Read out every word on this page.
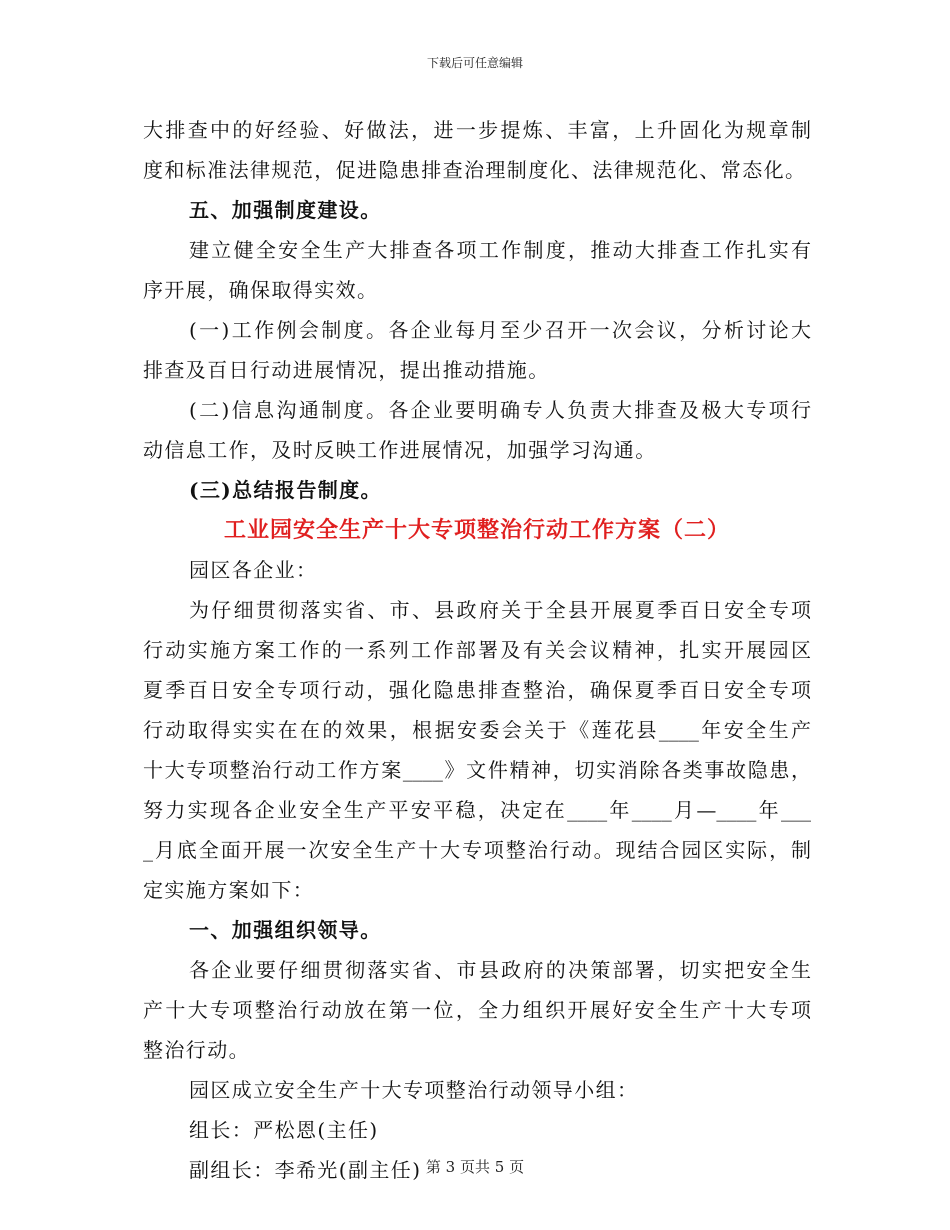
下载后可任意编辑
大排查中的好经验、好做法，进一步提炼、丰富，上升固化为规章制
度和标准法律规范，促进隐患排查治理制度化、法律规范化、常态化。
五、加强制度建设。
建立健全安全生产大排查各项工作制度，推动大排查工作扎实有
序开展，确保取得实效。
(一)工作例会制度。各企业每月至少召开一次会议，分析讨论大
排查及百日行动进展情况，提出推动措施。
(二)信息沟通制度。各企业要明确专人负责大排查及极大专项行
动信息工作，及时反映工作进展情况，加强学习沟通。
(三)总结报告制度。
工业园安全生产十大专项整治行动工作方案（二）
园区各企业：
为仔细贯彻落实省、市、县政府关于全县开展夏季百日安全专项
行动实施方案工作的一系列工作部署及有关会议精神，扎实开展园区
夏季百日安全专项行动，强化隐患排查整治，确保夏季百日安全专项
行动取得实实在在的效果，根据安委会关于《莲花县____年安全生产
十大专项整治行动工作方案____》文件精神，切实消除各类事故隐患，
努力实现各企业安全生产平安平稳，决定在____年____月—____年___
_月底全面开展一次安全生产十大专项整治行动。现结合园区实际，制
定实施方案如下：
一、加强组织领导。
各企业要仔细贯彻落实省、市县政府的决策部署，切实把安全生
产十大专项整治行动放在第一位，全力组织开展好安全生产十大专项
整治行动。
园区成立安全生产十大专项整治行动领导小组：
组长：严松恩(主任)
副组长：李希光(副主任) 第 3 页共 5 页
